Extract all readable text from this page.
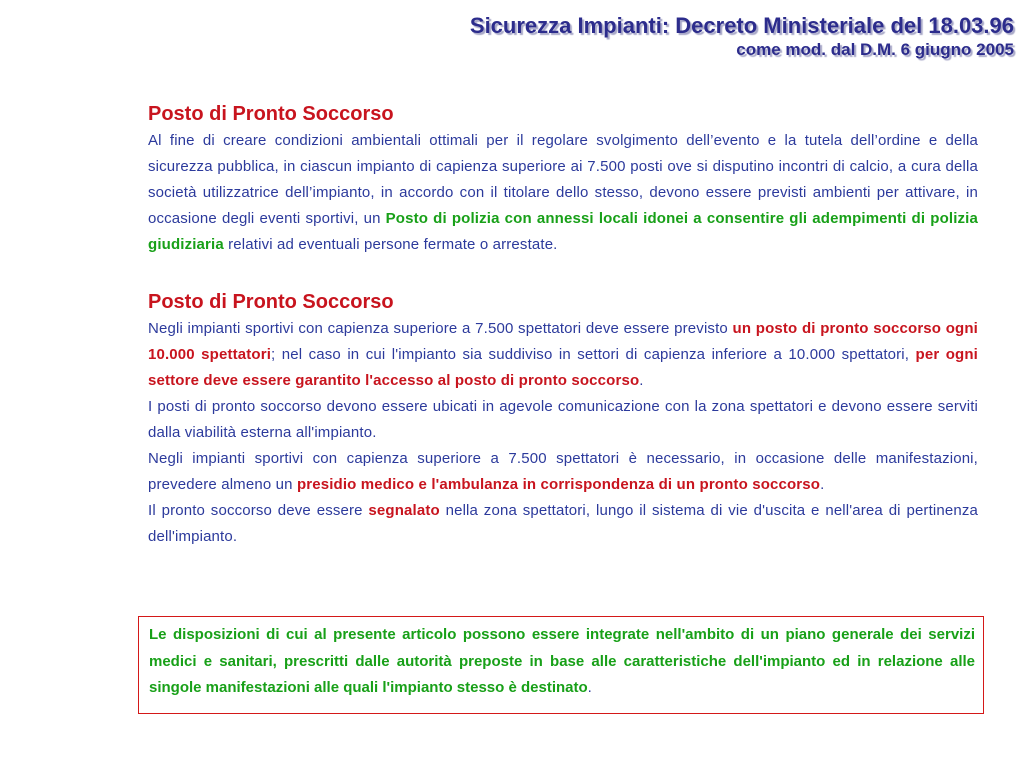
Sicurezza Impianti: Decreto Ministeriale del 18.03.96
come mod. dal D.M. 6 giugno 2005
Posto di Pronto Soccorso

Al fine di creare condizioni ambientali ottimali per il regolare svolgimento dell’evento e la tutela dell’ordine e della sicurezza pubblica, in ciascun impianto di capienza superiore ai 7.500 posti ove si disputino incontri di calcio, a cura della società utilizzatrice dell’impianto, in accordo con il titolare dello stesso, devono essere previsti ambienti per attivare, in occasione degli eventi sportivi, un Posto di polizia con annessi locali idonei a consentire gli adempimenti di polizia giudiziaria relativi ad eventuali persone fermate o arrestate.

Posto di Pronto Soccorso

Negli impianti sportivi con capienza superiore a 7.500 spettatori deve essere previsto un posto di pronto soccorso ogni 10.000 spettatori; nel caso in cui l'impianto sia suddiviso in settori di capienza inferiore a 10.000 spettatori, per ogni settore deve essere garantito l'accesso al posto di pronto soccorso.

I posti di pronto soccorso devono essere ubicati in agevole comunicazione con la zona spettatori e devono essere serviti dalla viabilità esterna all'impianto.

Negli impianti sportivi con capienza superiore a 7.500 spettatori è necessario, in occasione delle manifestazioni, prevedere almeno un presidio medico e l'ambulanza in corrispondenza di un pronto soccorso.

Il pronto soccorso deve essere segnalato nella zona spettatori, lungo il sistema di vie d'uscita e nell'area di pertinenza dell'impianto.

Le disposizioni di cui al presente articolo possono essere integrate nell'ambito di un piano generale dei servizi medici e sanitari, prescritti dalle autorità preposte in base alle caratteristiche dell'impianto ed in relazione alle singole manifestazioni alle quali l'impianto stesso è destinato.
